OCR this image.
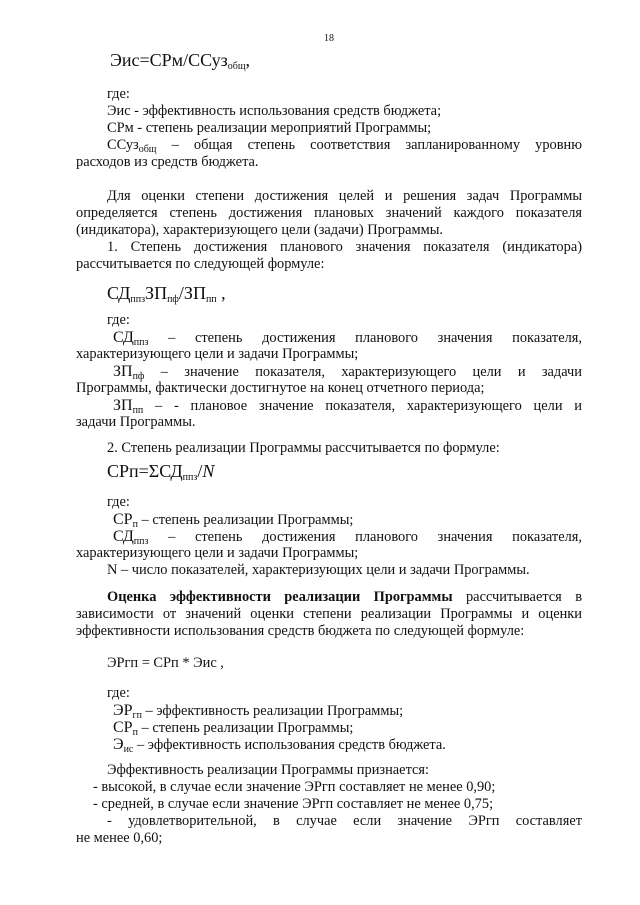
18
Эис=СРм/ССуз$_{общ}$,
где:
Эис - эффективность использования средств бюджета;
СРм - степень реализации мероприятий Программы;
ССуз$_{общ}$ – общая степень соответствия запланированному уровню
расходов из средств бюджета.
Для оценки степени достижения целей и решения задач Программы
определяется степень достижения плановых значений каждого показателя
(индикатора), характеризующего цели (задачи) Программы.
1. Степень достижения планового значения показателя (индикатора)
рассчитывается по следующей формуле:
$СД_{ппз}ЗП_{пф}/ЗП_{пп}$ ,
где:
$СД_{ппз}$ – степень достижения планового значения показателя,
характеризующего цели и задачи Программы;
$ЗП_{пф}$ – значение показателя, характеризующего цели и задачи
Программы, фактически достигнутое на конец отчетного периода;
$ЗП_{пп}$ – - плановое значение показателя, характеризующего цели и
задачи Программы.
2. Степень реализации Программы рассчитывается по формуле:
$СРп=\Sigma СД_{ппз}/N$
где:
$СР_п$ – степень реализации Программы;
$СД_{ппз}$ – степень достижения планового значения показателя,
характеризующего цели и задачи Программы;
N – число показателей, характеризующих цели и задачи Программы.
Оценка эффективности реализации Программы рассчитывается в
зависимости от значений оценки степени реализации Программы и оценки
эффективности использования средств бюджета по следующей формуле:
ЭРгп = СРп * Эис ,
где:
$ЭР_{гп}$ – эффективность реализации Программы;
$СР_п$ – степень реализации Программы;
$Э_{ис}$ – эффективность использования средств бюджета.
Эффективность реализации Программы признается:
- высокой, в случае если значение ЭРгп составляет не менее 0,90;
- средней, в случае если значение ЭРгп составляет не менее 0,75;
- удовлетворительной, в случае если значение ЭРгп составляет
не менее 0,60;
